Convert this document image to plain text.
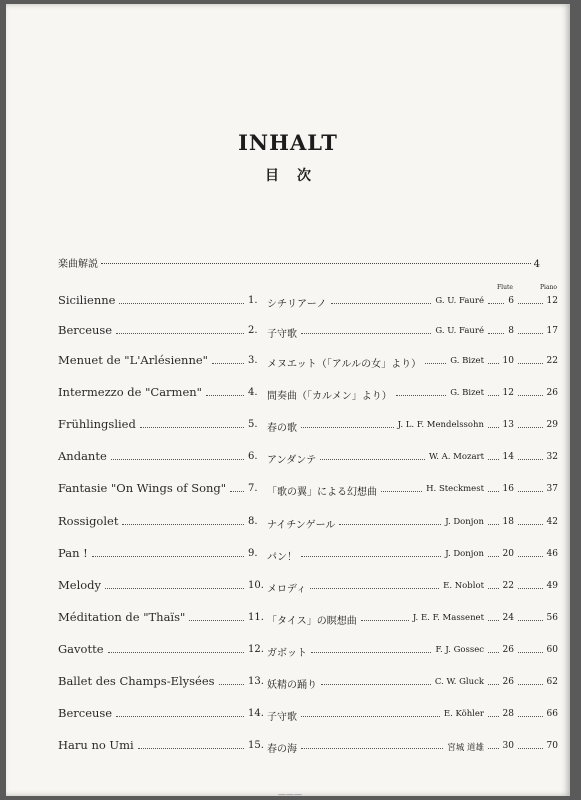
INHALT
目次
楽曲解説	4
Flute	Piano
Sicilienne	1. シチリアーノ	G. U. Fauré	6	12
Berceuse	2. 子守歌	G. U. Fauré	8	17
Menuet de "L'Arlésienne"	3. メヌエット（「アルルの女」より）	G. Bizet 10	22
Intermezzo de "Carmen"	4. 間奏曲（「カルメン」より）	G. Bizet 12	26
Frühlingslied	5. 春の歌	J. L. F. Mendelssohn 13	29
Andante	6. アンダンテ	W. A. Mozart 14	32
Fantasie "On Wings of Song" 7. 「歌の翼」による幻想曲	H. Steckmest 16	37
Rossigolet	8. ナイチンゲール	J. Donjon 18	42
Pan !	9. パン！	J. Donjon 20	46
Melody	10. メロディ	E. Noblot 22	49
Méditation de "Thaïs"	11. 「タイス」の瞑想曲	J. E. F. Massenet 24	56
Gavotte	12. ガボット	F. J. Gossec 26	60
Ballet des Champs-Elysées	13. 妖精の踊り	C. W. Gluck 26	62
Berceuse	14. 子守歌	E. Köhler 28	66
Haru no Umi	15. 春の海	宮城 道雄 30	70
———
